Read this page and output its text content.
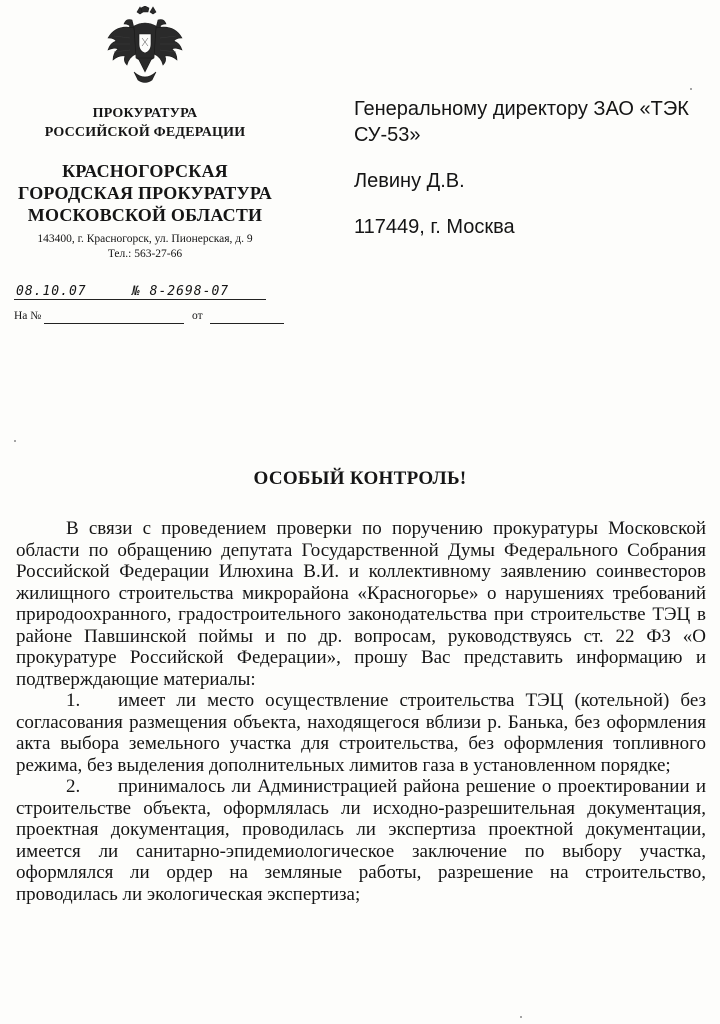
ПРОКУРАТУРА
РОССИЙСКОЙ ФЕДЕРАЦИИ
КРАСНОГОРСКАЯ
ГОРОДСКАЯ ПРОКУРАТУРА
МОСКОВСКОЙ ОБЛАСТИ
143400, г. Красногорск, ул. Пионерская, д. 9
Тел.: 563-27-66
08.10.07	№ 8-2698-07
На №	от
Генеральному директору ЗАО «ТЭК
СУ-53»
Левину Д.В.
117449, г. Москва
ОСОБЫЙ КОНТРОЛЬ!

В связи с проведением проверки по поручению прокуратуры Московской области по обращению депутата Государственной Думы Федерального Собрания Российской Федерации Илюхина В.И. и коллективному заявлению соинвесторов жилищного строительства микрорайона «Красногорье» о нарушениях требований природоохранного, градостроительного законодательства при строительстве ТЭЦ в районе Павшинской поймы и по др. вопросам, руководствуясь ст. 22 ФЗ «О прокуратуре Российской Федерации», прошу Вас представить информацию и подтверждающие материалы:

1. имеет ли место осуществление строительства ТЭЦ (котельной) без согласования размещения объекта, находящегося вблизи р. Банька, без оформления акта выбора земельного участка для строительства, без оформления топливного режима, без выделения дополнительных лимитов газа в установленном порядке;

2. принималось ли Администрацией района решение о проектировании и строительстве объекта, оформлялась ли исходно-разрешительная документация, проектная документация, проводилась ли экспертиза проектной документации, имеется ли санитарно-эпидемиологическое заключение по выбору участка, оформлялся ли ордер на земляные работы, разрешение на строительство, проводилась ли экологическая экспертиза;
